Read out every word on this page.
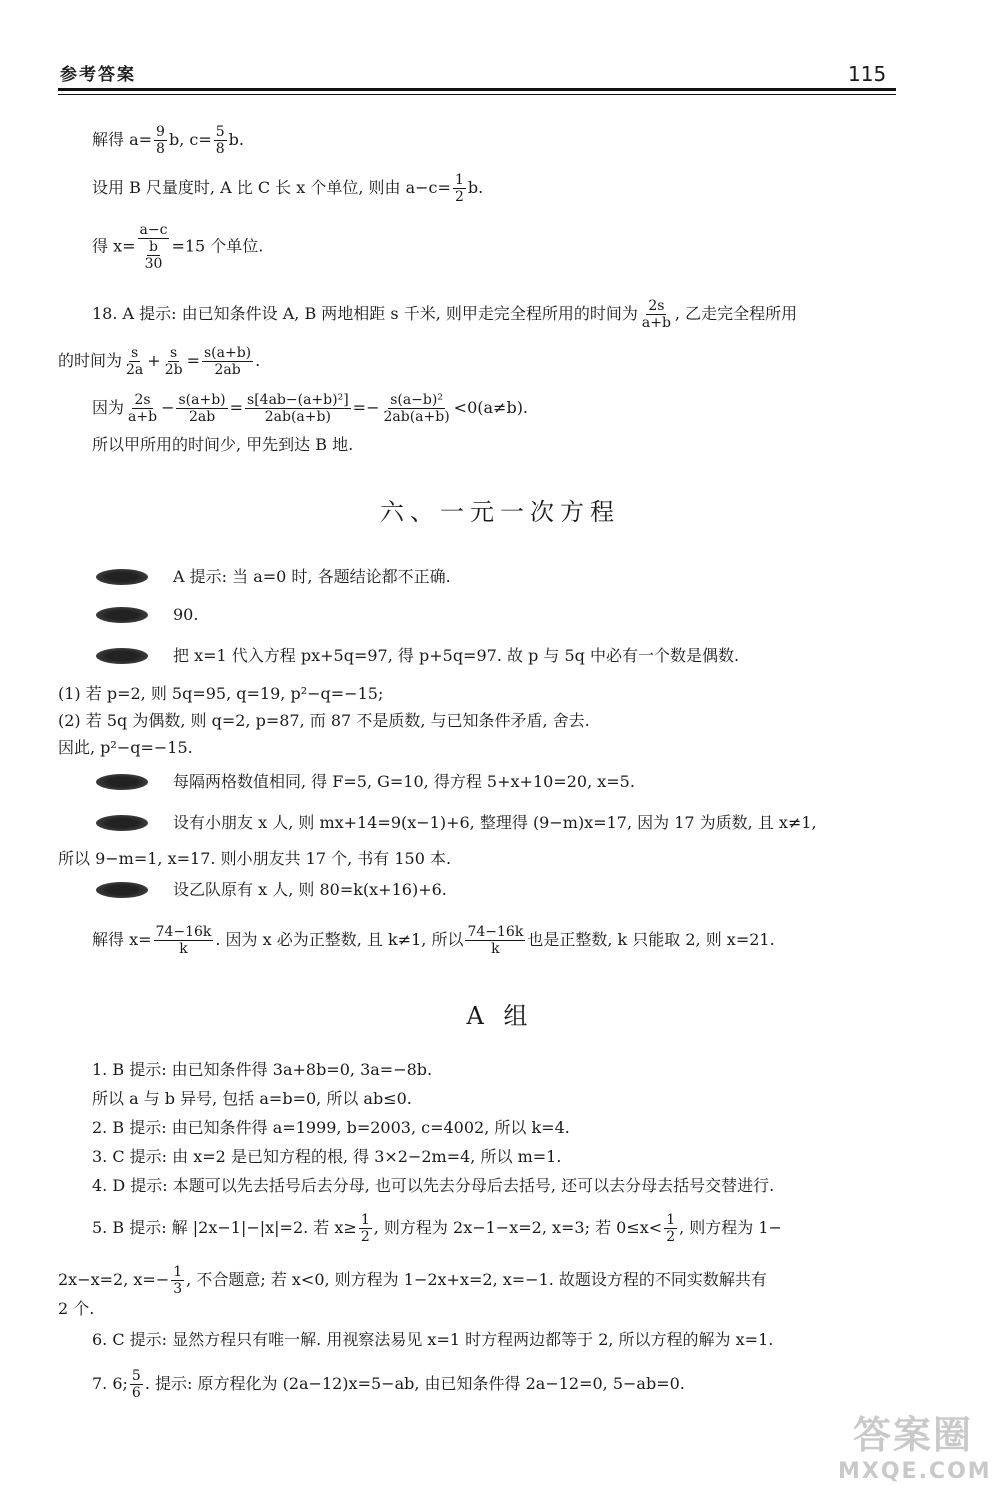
参考答案	115
解得 $a= \frac{9}{8} b$, $c= \frac{5}{8} b$.
设用 B 尺量度时, A 比 C 长 x 个单位, 则由 $a-c= \frac{1}{2} b$.
得 $x= \frac{a-c}{\frac{b}{30}} =15$ 个单位.
18. A 提示: 由已知条件设 A, B 两地相距 s 千米, 则甲走完全程所用的时间为 $\frac{2s}{a+b}$ , 乙走完全程所用
的时间为 $\frac{s}{2a} + \frac{s}{2b} = \frac{s(a+b)}{2ab}$ .
因为 $\frac{2s}{a+b} - \frac{s(a+b)}{2ab} = \frac{\text{s[4ab−(a+b)²]}}{2ab(a+b)} =- \frac{\text{s(a−b)²}}{2ab(a+b)} <0(a\ne b)$.
所以甲所用的时间少, 甲先到达 B 地.
六、一元一次方程
A 提示: 当 a=0 时, 各题结论都不正确.
90.
把 x=1 代入方程 px+5q=97, 得 p+5q=97. 故 p 与 5q 中必有一个数是偶数.
(1) 若 p=2, 则 5q=95, q=19, p²−q=−15;
(2) 若 5q 为偶数, 则 q=2, p=87, 而 87 不是质数, 与已知条件矛盾, 舍去.
因此, p²−q=−15.
每隔两格数值相同, 得 F=5, G=10, 得方程 5+x+10=20, x=5.
设有小朋友 x 人, 则 mx+14=9(x−1)+6, 整理得 (9−m)x=17, 因为 17 为质数, 且 x≠1,
所以 9−m=1, x=17. 则小朋友共 17 个, 书有 150 本.
设乙队原有 x 人, 则 80=k(x+16)+6.
解得 $x= \frac{74-16k}{k}$ . 因为 x 必为正整数, 且 k≠1, 所以 $\frac{74-16k}{k}$ 也是正整数, k 只能取 2, 则 x=21.
A 组
1. B 提示: 由已知条件得 3a+8b=0, 3a=−8b.
所以 a 与 b 异号, 包括 a=b=0, 所以 ab≤0.
2. B 提示: 由已知条件得 a=1999, b=2003, c=4002, 所以 k=4.
3. C 提示: 由 x=2 是已知方程的根, 得 3×2−2m=4, 所以 m=1.
4. D 提示: 本题可以先去括号后去分母, 也可以先去分母后去括号, 还可以去分母去括号交替进行.
5. B 提示: 解 |2x−1|−|x|=2. 若 $x\ge \frac{1}{2}$ , 则方程为 2x−1−x=2, x=3; 若 $0\le x< \frac{1}{2}$ , 则方程为 1−
2x−x=2, $x=- \frac{1}{3}$ , 不合题意; 若 x<0, 则方程为 1−2x+x=2, x=−1. 故题设方程的不同实数解共有
2 个.
6. C 提示: 显然方程只有唯一解. 用视察法易见 x=1 时方程两边都等于 2, 所以方程的解为 x=1.
7. 6; $\frac{5}{6}$ . 提示: 原方程化为 (2a−12)x=5−ab, 由已知条件得 2a−12=0, 5−ab=0.
答案圈
MXQE.COM
